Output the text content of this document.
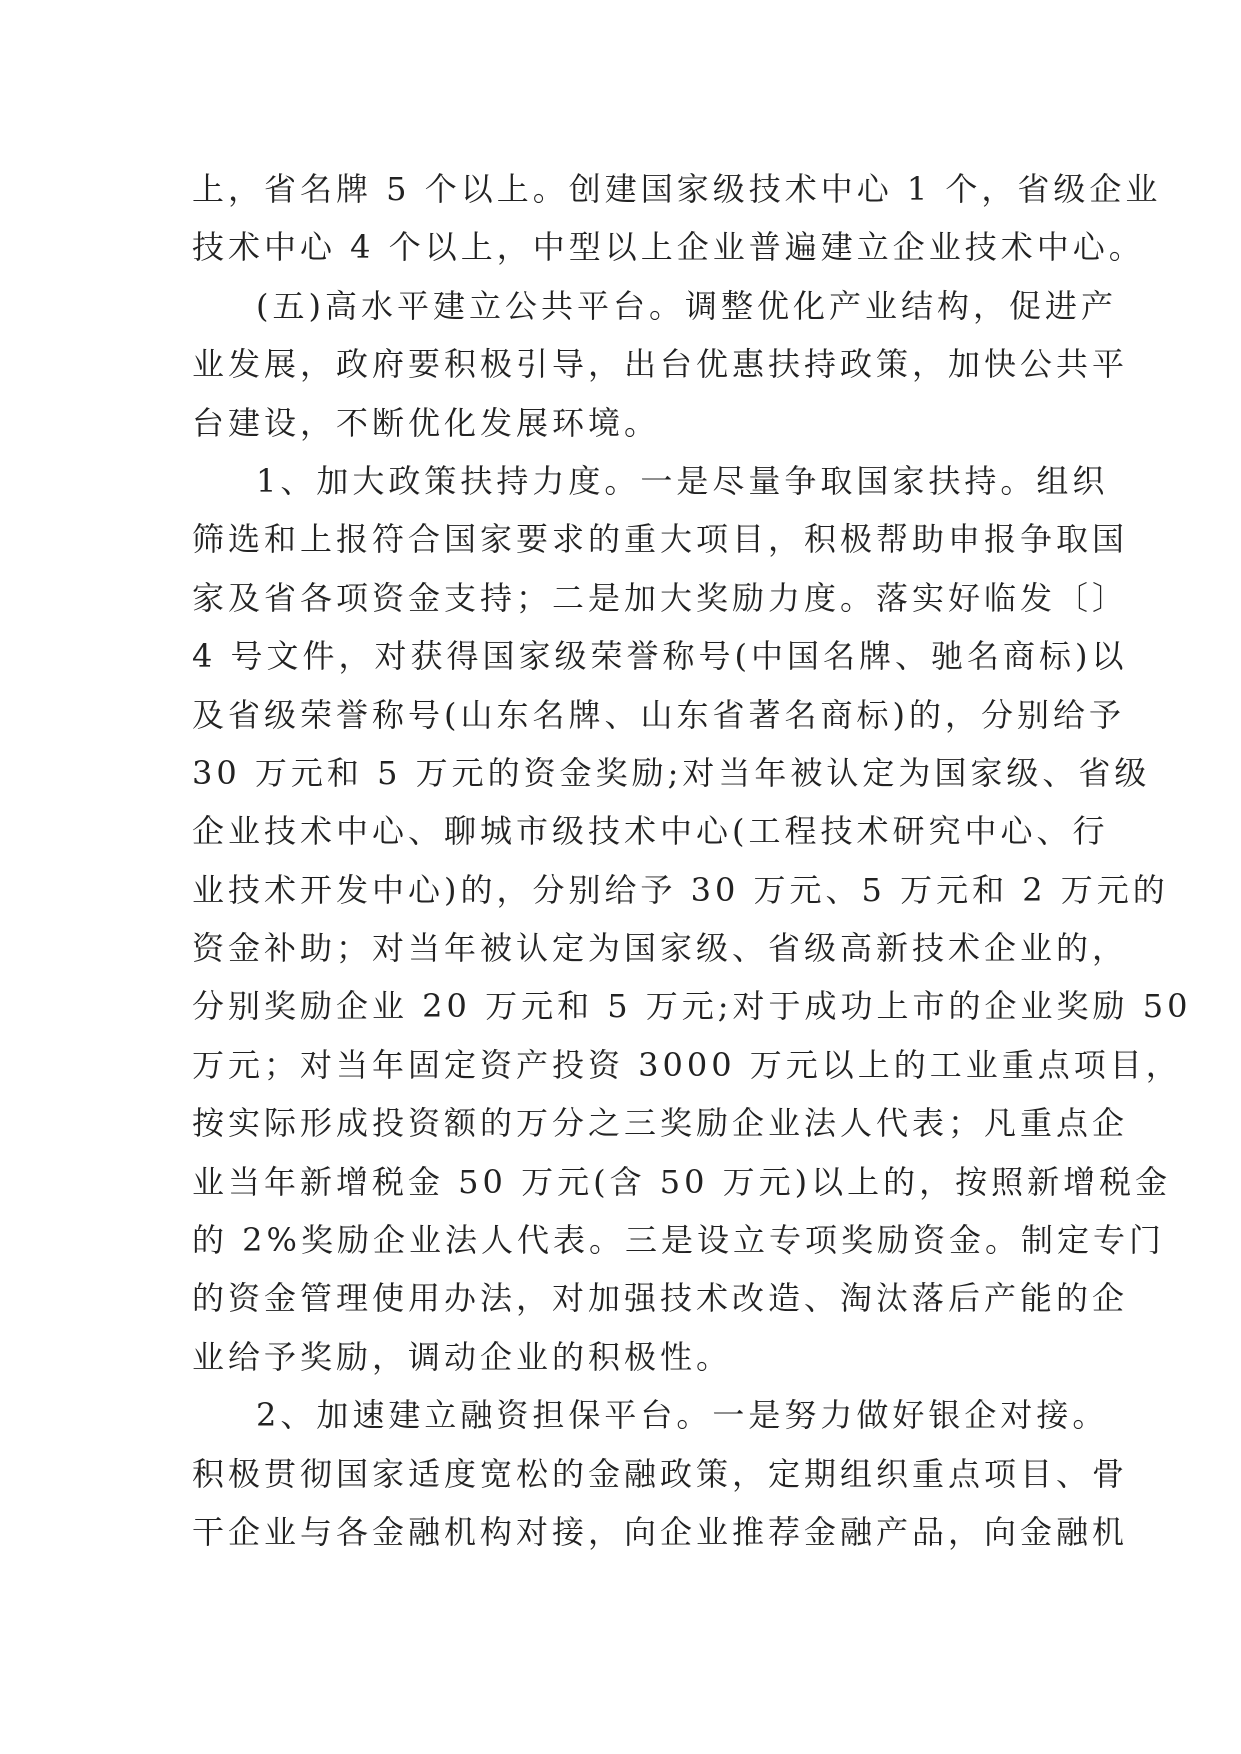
上，省名牌 5 个以上。创建国家级技术中心 1 个，省级企业
技术中心 4 个以上，中型以上企业普遍建立企业技术中心。
(五)高水平建立公共平台。调整优化产业结构，促进产
业发展，政府要积极引导，出台优惠扶持政策，加快公共平
台建设，不断优化发展环境。
1、加大政策扶持力度。一是尽量争取国家扶持。组织
筛选和上报符合国家要求的重大项目，积极帮助申报争取国
家及省各项资金支持；二是加大奖励力度。落实好临发〔〕
4 号文件，对获得国家级荣誉称号(中国名牌、驰名商标)以
及省级荣誉称号(山东名牌、山东省著名商标)的，分别给予
30 万元和 5 万元的资金奖励;对当年被认定为国家级、省级
企业技术中心、聊城市级技术中心(工程技术研究中心、行
业技术开发中心)的，分别给予 30 万元、5 万元和 2 万元的
资金补助；对当年被认定为国家级、省级高新技术企业的，
分别奖励企业 20 万元和 5 万元;对于成功上市的企业奖励 50
万元；对当年固定资产投资 3000 万元以上的工业重点项目，
按实际形成投资额的万分之三奖励企业法人代表；凡重点企
业当年新增税金 50 万元(含 50 万元)以上的，按照新增税金
的 2%奖励企业法人代表。三是设立专项奖励资金。制定专门
的资金管理使用办法，对加强技术改造、淘汰落后产能的企
业给予奖励，调动企业的积极性。
2、加速建立融资担保平台。一是努力做好银企对接。
积极贯彻国家适度宽松的金融政策，定期组织重点项目、骨
干企业与各金融机构对接，向企业推荐金融产品，向金融机
